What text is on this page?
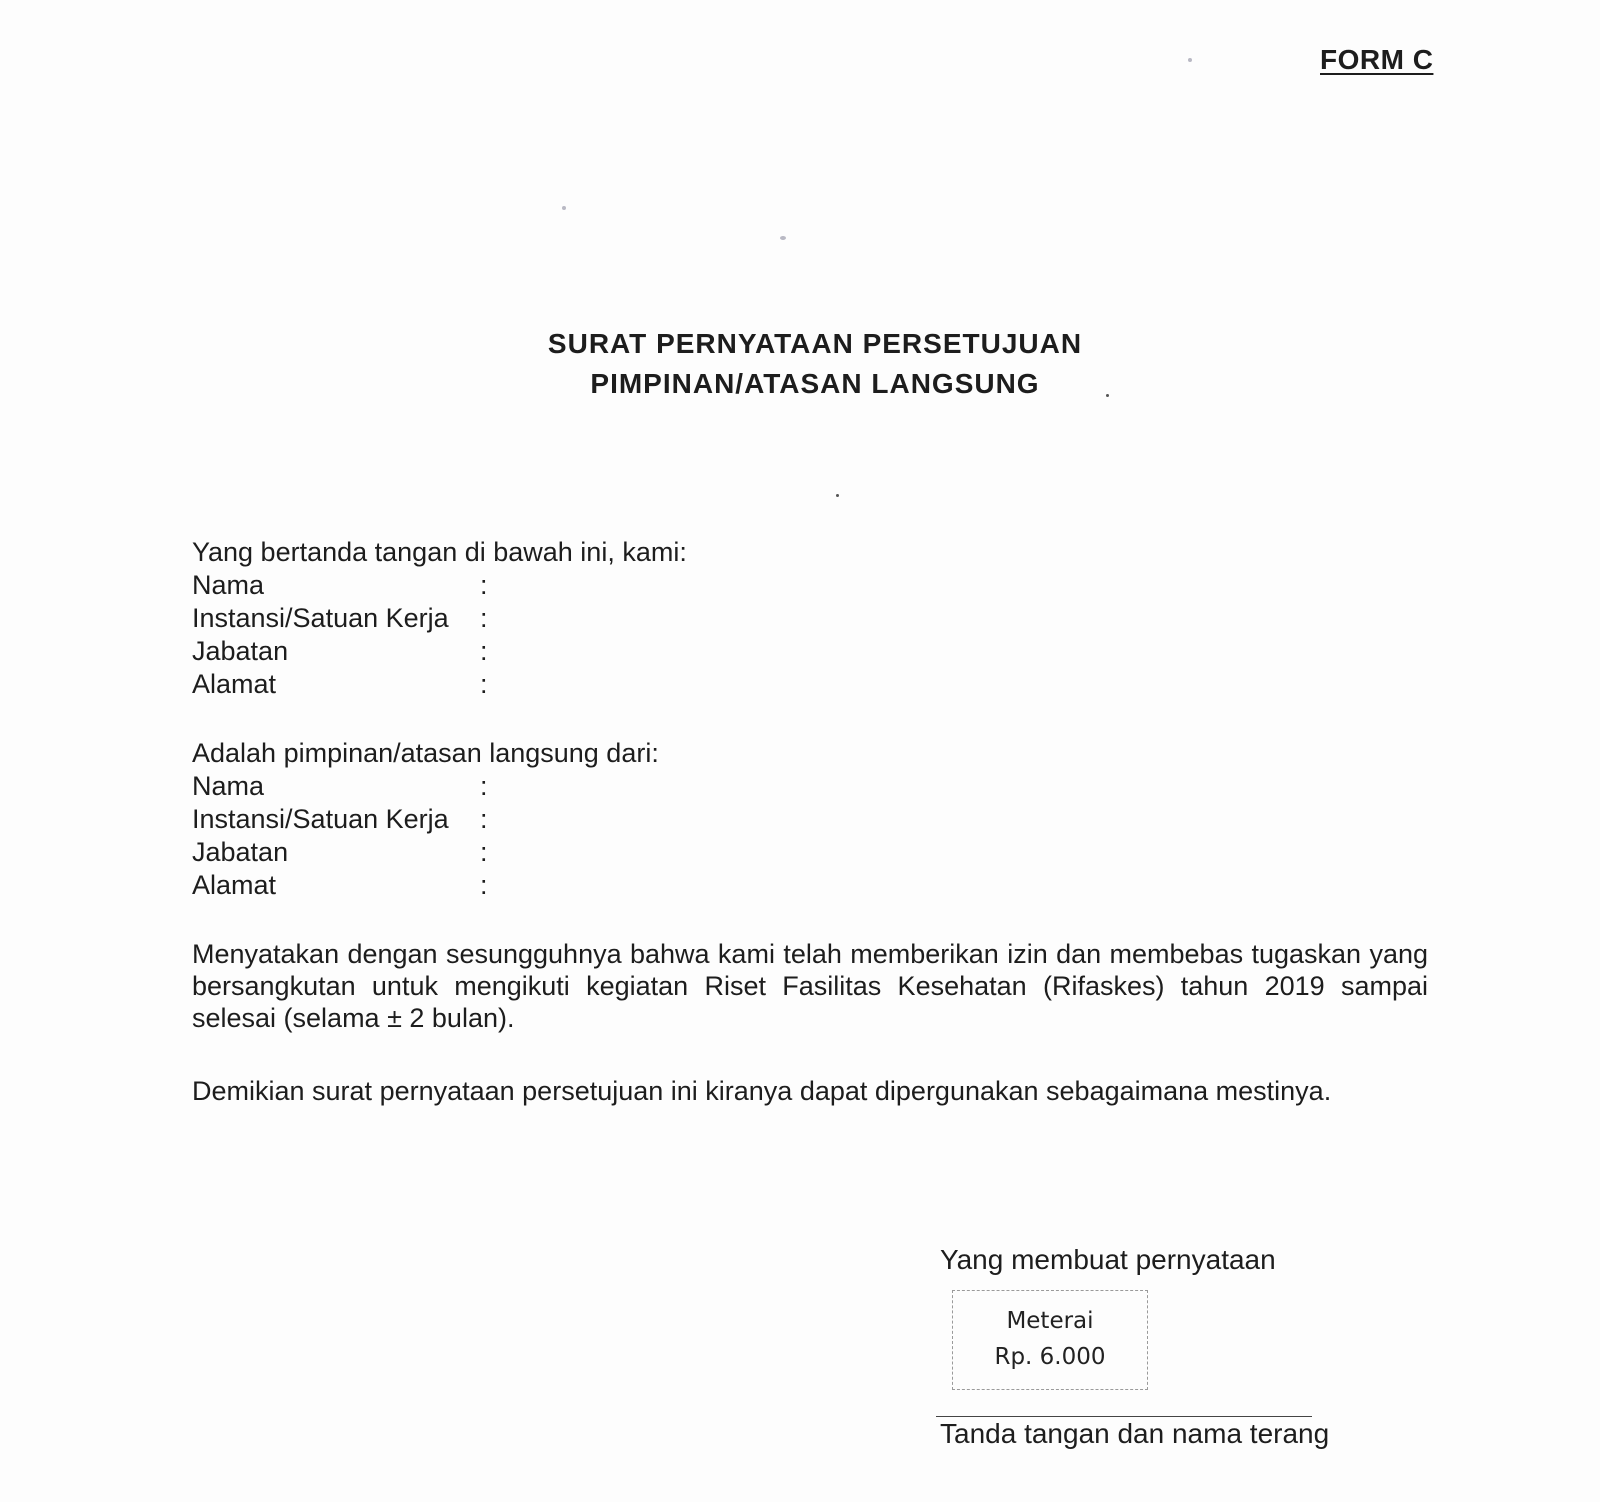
FORM C
SURAT PERNYATAAN PERSETUJUAN
PIMPINAN/ATASAN LANGSUNG
Yang bertanda tangan di bawah ini, kami:
Nama	:
Instansi/Satuan Kerja :
Jabatan	:
Alamat	:
Adalah pimpinan/atasan langsung dari:
Nama	:
Instansi/Satuan Kerja :
Jabatan	:
Alamat	:
Menyatakan dengan sesungguhnya bahwa kami telah memberikan izin dan membebas tugaskan yang bersangkutan untuk mengikuti kegiatan Riset Fasilitas Kesehatan (Rifaskes) tahun 2019 sampai selesai (selama ± 2 bulan).
Demikian surat pernyataan persetujuan ini kiranya dapat dipergunakan sebagaimana mestinya.
Yang membuat pernyataan
Meterai
Rp. 6.000
Tanda tangan dan nama terang
